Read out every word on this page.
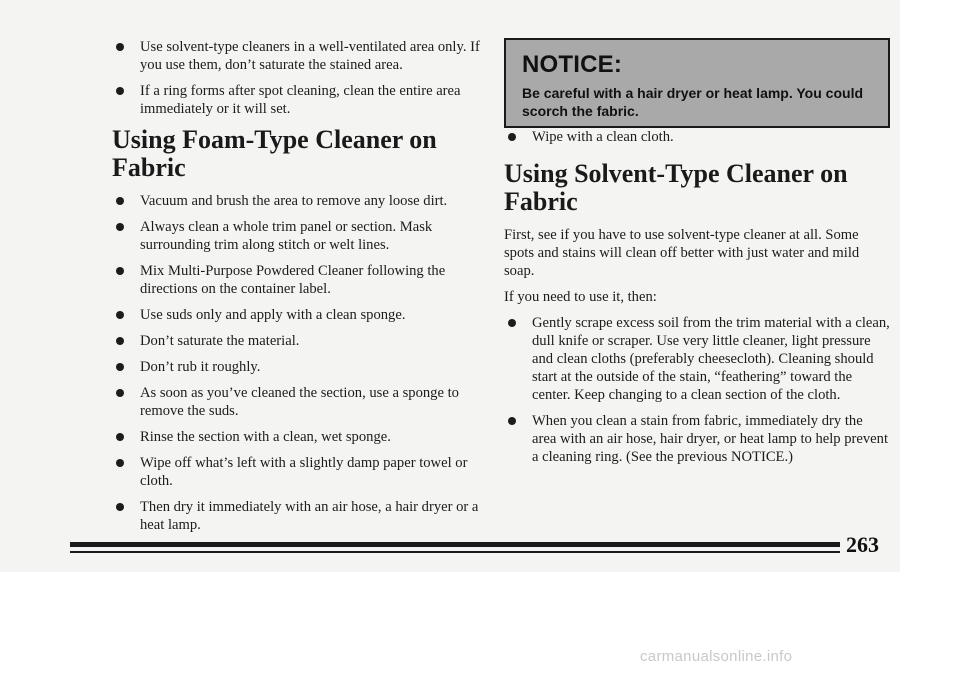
Use solvent-type cleaners in a well-ventilated area only. If you use them, don’t saturate the stained area.
If a ring forms after spot cleaning, clean the entire area immediately or it will set.
Using Foam-Type Cleaner on Fabric
Vacuum and brush the area to remove any loose dirt.
Always clean a whole trim panel or section. Mask surrounding trim along stitch or welt lines.
Mix Multi-Purpose Powdered Cleaner following the directions on the container label.
Use suds only and apply with a clean sponge.
Don’t saturate the material.
Don’t rub it roughly.
As soon as you’ve cleaned the section, use a sponge to remove the suds.
Rinse the section with a clean, wet sponge.
Wipe off what’s left with a slightly damp paper towel or cloth.
Then dry it immediately with an air hose, a hair dryer or a heat lamp.
NOTICE:
Be careful with a hair dryer or heat lamp. You could scorch the fabric.
Wipe with a clean cloth.
Using Solvent-Type Cleaner on Fabric

First, see if you have to use solvent-type cleaner at all. Some spots and stains will clean off better with just water and mild soap.

If you need to use it, then:

Gently scrape excess soil from the trim material with a clean, dull knife or scraper. Use very little cleaner, light pressure and clean cloths (preferably cheesecloth). Cleaning should start at the outside of the stain, “feathering” toward the center. Keep changing to a clean section of the cloth.
When you clean a stain from fabric, immediately dry the area with an air hose, hair dryer, or heat lamp to help prevent a cleaning ring. (See the previous NOTICE.)
263
carmanualsonline.info
